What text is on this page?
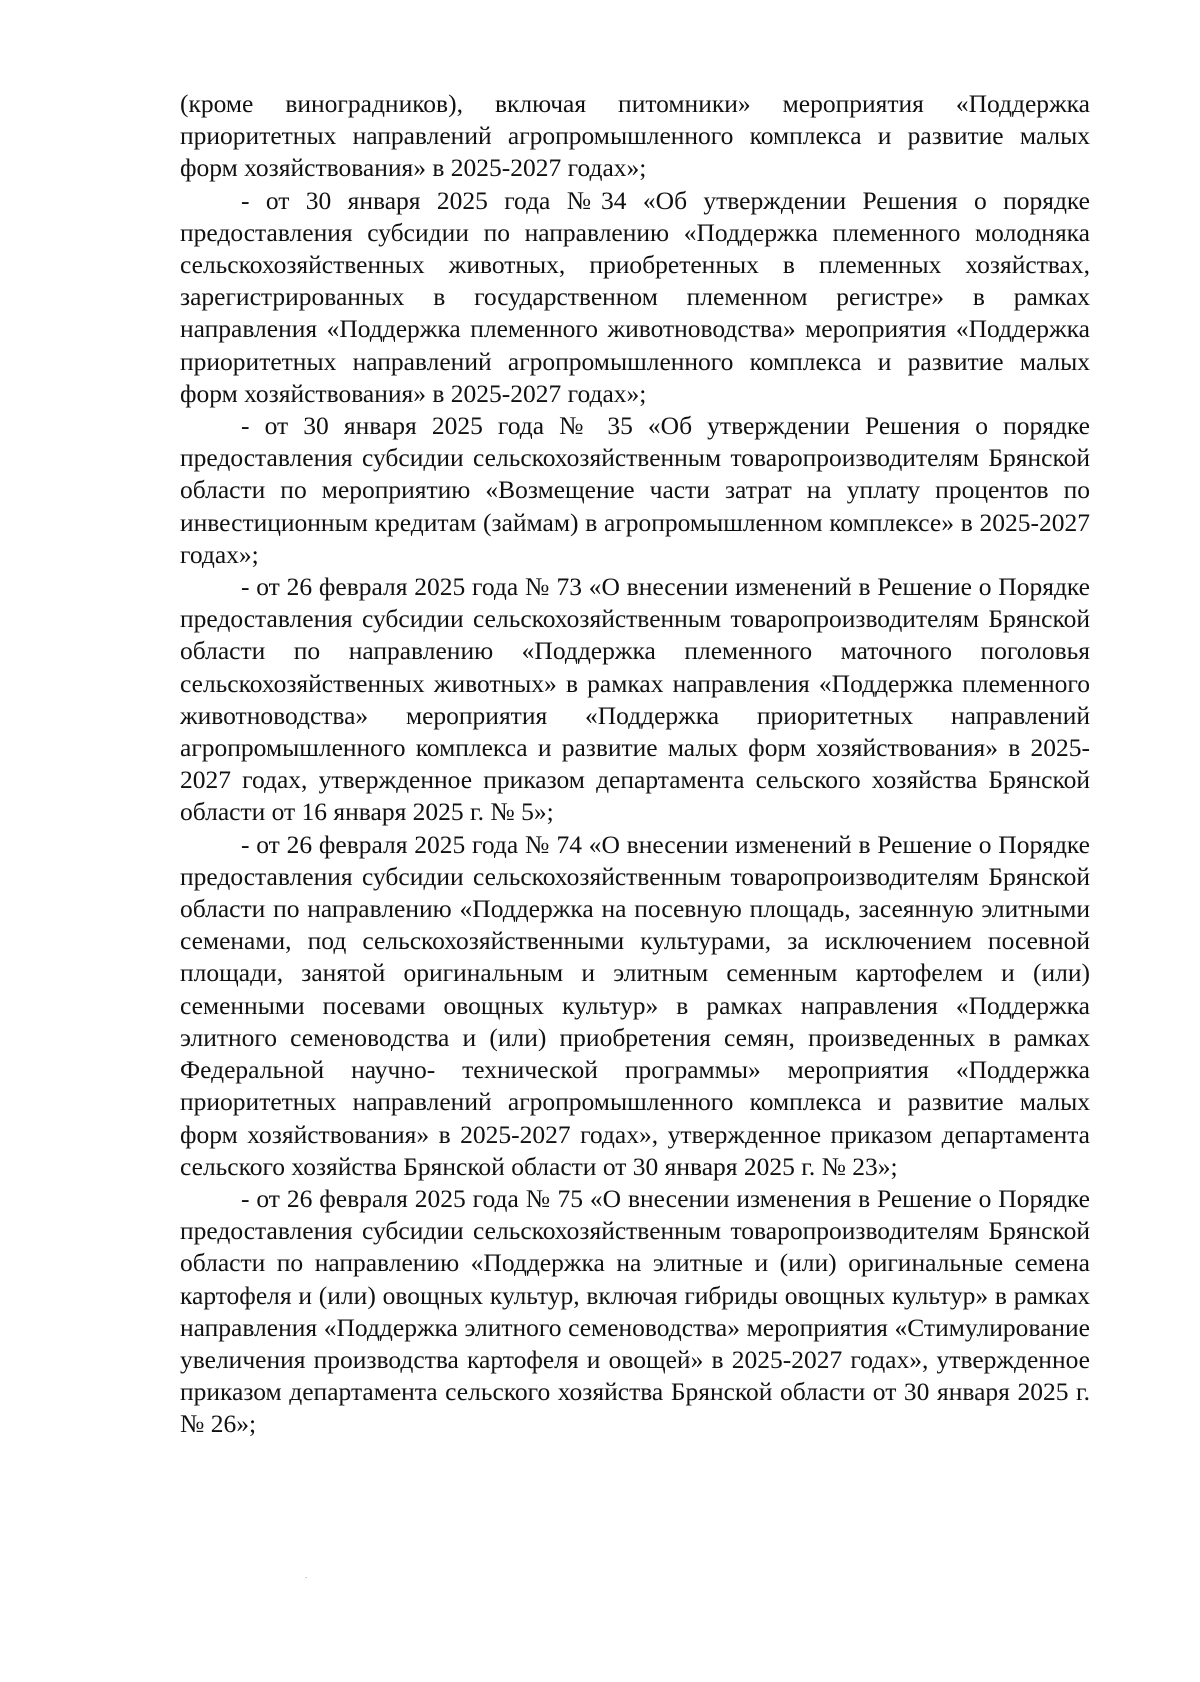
(кроме виноградников), включая питомники» мероприятия «Поддержка приоритетных направлений агропромышленного комплекса и развитие малых форм хозяйствования» в 2025-2027 годах»;

- от 30 января 2025 года №34 «Об утверждении Решения о порядке предоставления субсидии по направлению «Поддержка племенного молодняка сельскохозяйственных животных, приобретенных в племенных хозяйствах, зарегистрированных в государственном племенном регистре» в рамках направления «Поддержка племенного животноводства» мероприятия «Поддержка приоритетных направлений агропромышленного комплекса и развитие малых форм хозяйствования» в 2025-2027 годах»;

- от 30 января 2025 года № 35 «Об утверждении Решения о порядке предоставления субсидии сельскохозяйственным товаропроизводителям Брянской области по мероприятию «Возмещение части затрат на уплату процентов по инвестиционным кредитам (займам) в агропромышленном комплексе» в 2025-2027 годах»;

- от 26 февраля 2025 года № 73 «О внесении изменений в Решение о Порядке предоставления субсидии сельскохозяйственным товаропроизводителям Брянской области по направлению «Поддержка племенного маточного поголовья сельскохозяйственных животных» в рамках направления «Поддержка племенного животноводства» мероприятия «Поддержка приоритетных направлений агропромышленного комплекса и развитие малых форм хозяйствования» в 2025-2027 годах, утвержденное приказом департамента сельского хозяйства Брянской области от 16 января 2025 г. № 5»;

- от 26 февраля 2025 года № 74 «О внесении изменений в Решение о Порядке предоставления субсидии сельскохозяйственным товаропроизводителям Брянской области по направлению «Поддержка на посевную площадь, засеянную элитными семенами, под сельскохозяйственными культурами, за исключением посевной площади, занятой оригинальным и элитным семенным картофелем и (или) семенными посевами овощных культур» в рамках направления «Поддержка элитного семеноводства и (или) приобретения семян, произведенных в рамках Федеральной научно- технической программы» мероприятия «Поддержка приоритетных направлений агропромышленного комплекса и развитие малых форм хозяйствования» в 2025-2027 годах», утвержденное приказом департамента сельского хозяйства Брянской области от 30 января 2025 г. № 23»;

- от 26 февраля 2025 года № 75 «О внесении изменения в Решение о Порядке предоставления субсидии сельскохозяйственным товаропроизводителям Брянской области по направлению «Поддержка на элитные и (или) оригинальные семена картофеля и (или) овощных культур, включая гибриды овощных культур» в рамках направления «Поддержка элитного семеноводства» мероприятия «Стимулирование увеличения производства картофеля и овощей» в 2025-2027 годах», утвержденное приказом департамента сельского хозяйства Брянской области от 30 января 2025 г. № 26»;
